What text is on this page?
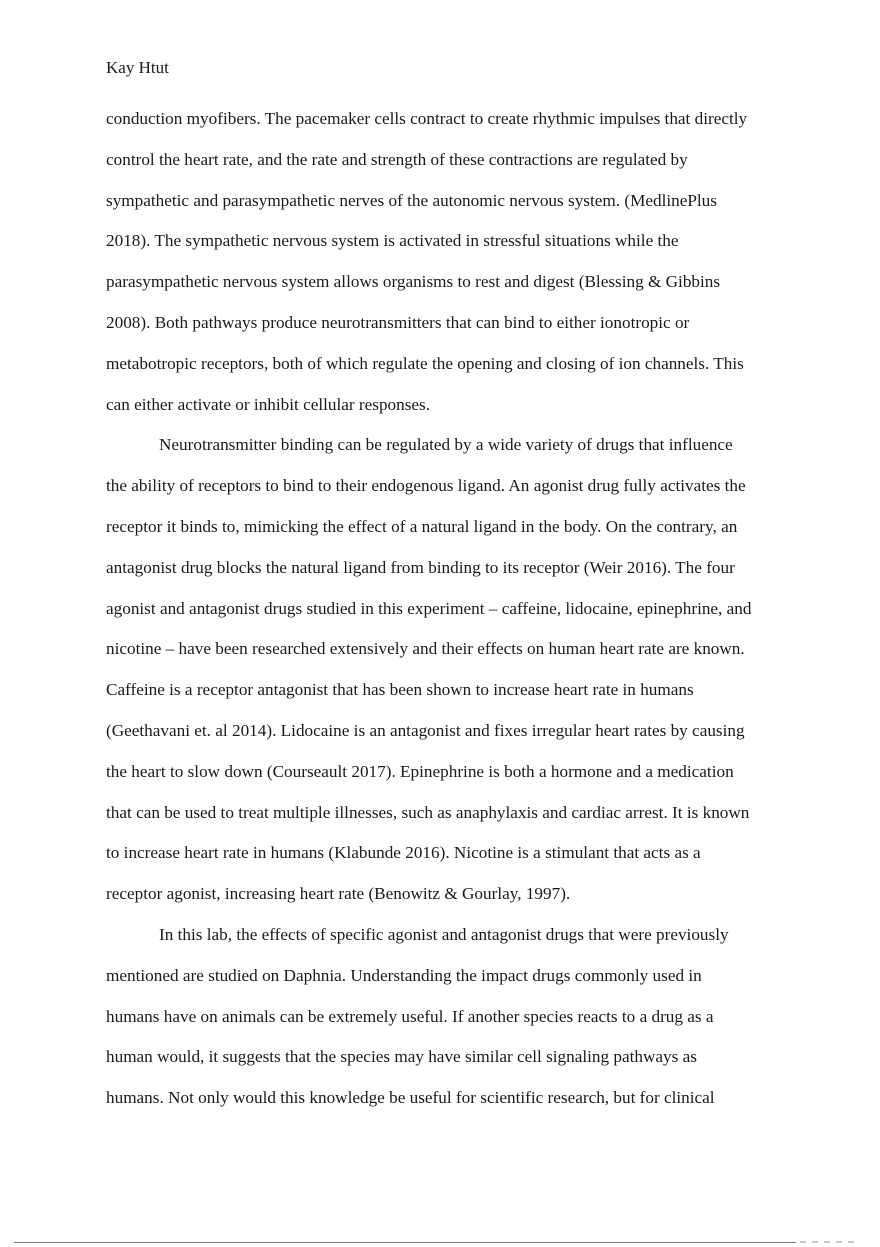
Kay Htut
conduction myofibers. The pacemaker cells contract to create rhythmic impulses that directly
control the heart rate, and the rate and strength of these contractions are regulated by
sympathetic and parasympathetic nerves of the autonomic nervous system. (MedlinePlus
2018). The sympathetic nervous system is activated in stressful situations while the
parasympathetic nervous system allows organisms to rest and digest (Blessing & Gibbins
2008). Both pathways produce neurotransmitters that can bind to either ionotropic or
metabotropic receptors, both of which regulate the opening and closing of ion channels. This
can either activate or inhibit cellular responses.
Neurotransmitter binding can be regulated by a wide variety of drugs that influence
the ability of receptors to bind to their endogenous ligand. An agonist drug fully activates the
receptor it binds to, mimicking the effect of a natural ligand in the body. On the contrary, an
antagonist drug blocks the natural ligand from binding to its receptor (Weir 2016). The four
agonist and antagonist drugs studied in this experiment – caffeine, lidocaine, epinephrine, and
nicotine – have been researched extensively and their effects on human heart rate are known.
Caffeine is a receptor antagonist that has been shown to increase heart rate in humans
(Geethavani et. al 2014). Lidocaine is an antagonist and fixes irregular heart rates by causing
the heart to slow down (Courseault 2017). Epinephrine is both a hormone and a medication
that can be used to treat multiple illnesses, such as anaphylaxis and cardiac arrest. It is known
to increase heart rate in humans (Klabunde 2016). Nicotine is a stimulant that acts as a
receptor agonist, increasing heart rate (Benowitz & Gourlay, 1997).
In this lab, the effects of specific agonist and antagonist drugs that were previously
mentioned are studied on Daphnia. Understanding the impact drugs commonly used in
humans have on animals can be extremely useful. If another species reacts to a drug as a
human would, it suggests that the species may have similar cell signaling pathways as
humans. Not only would this knowledge be useful for scientific research, but for clinical
